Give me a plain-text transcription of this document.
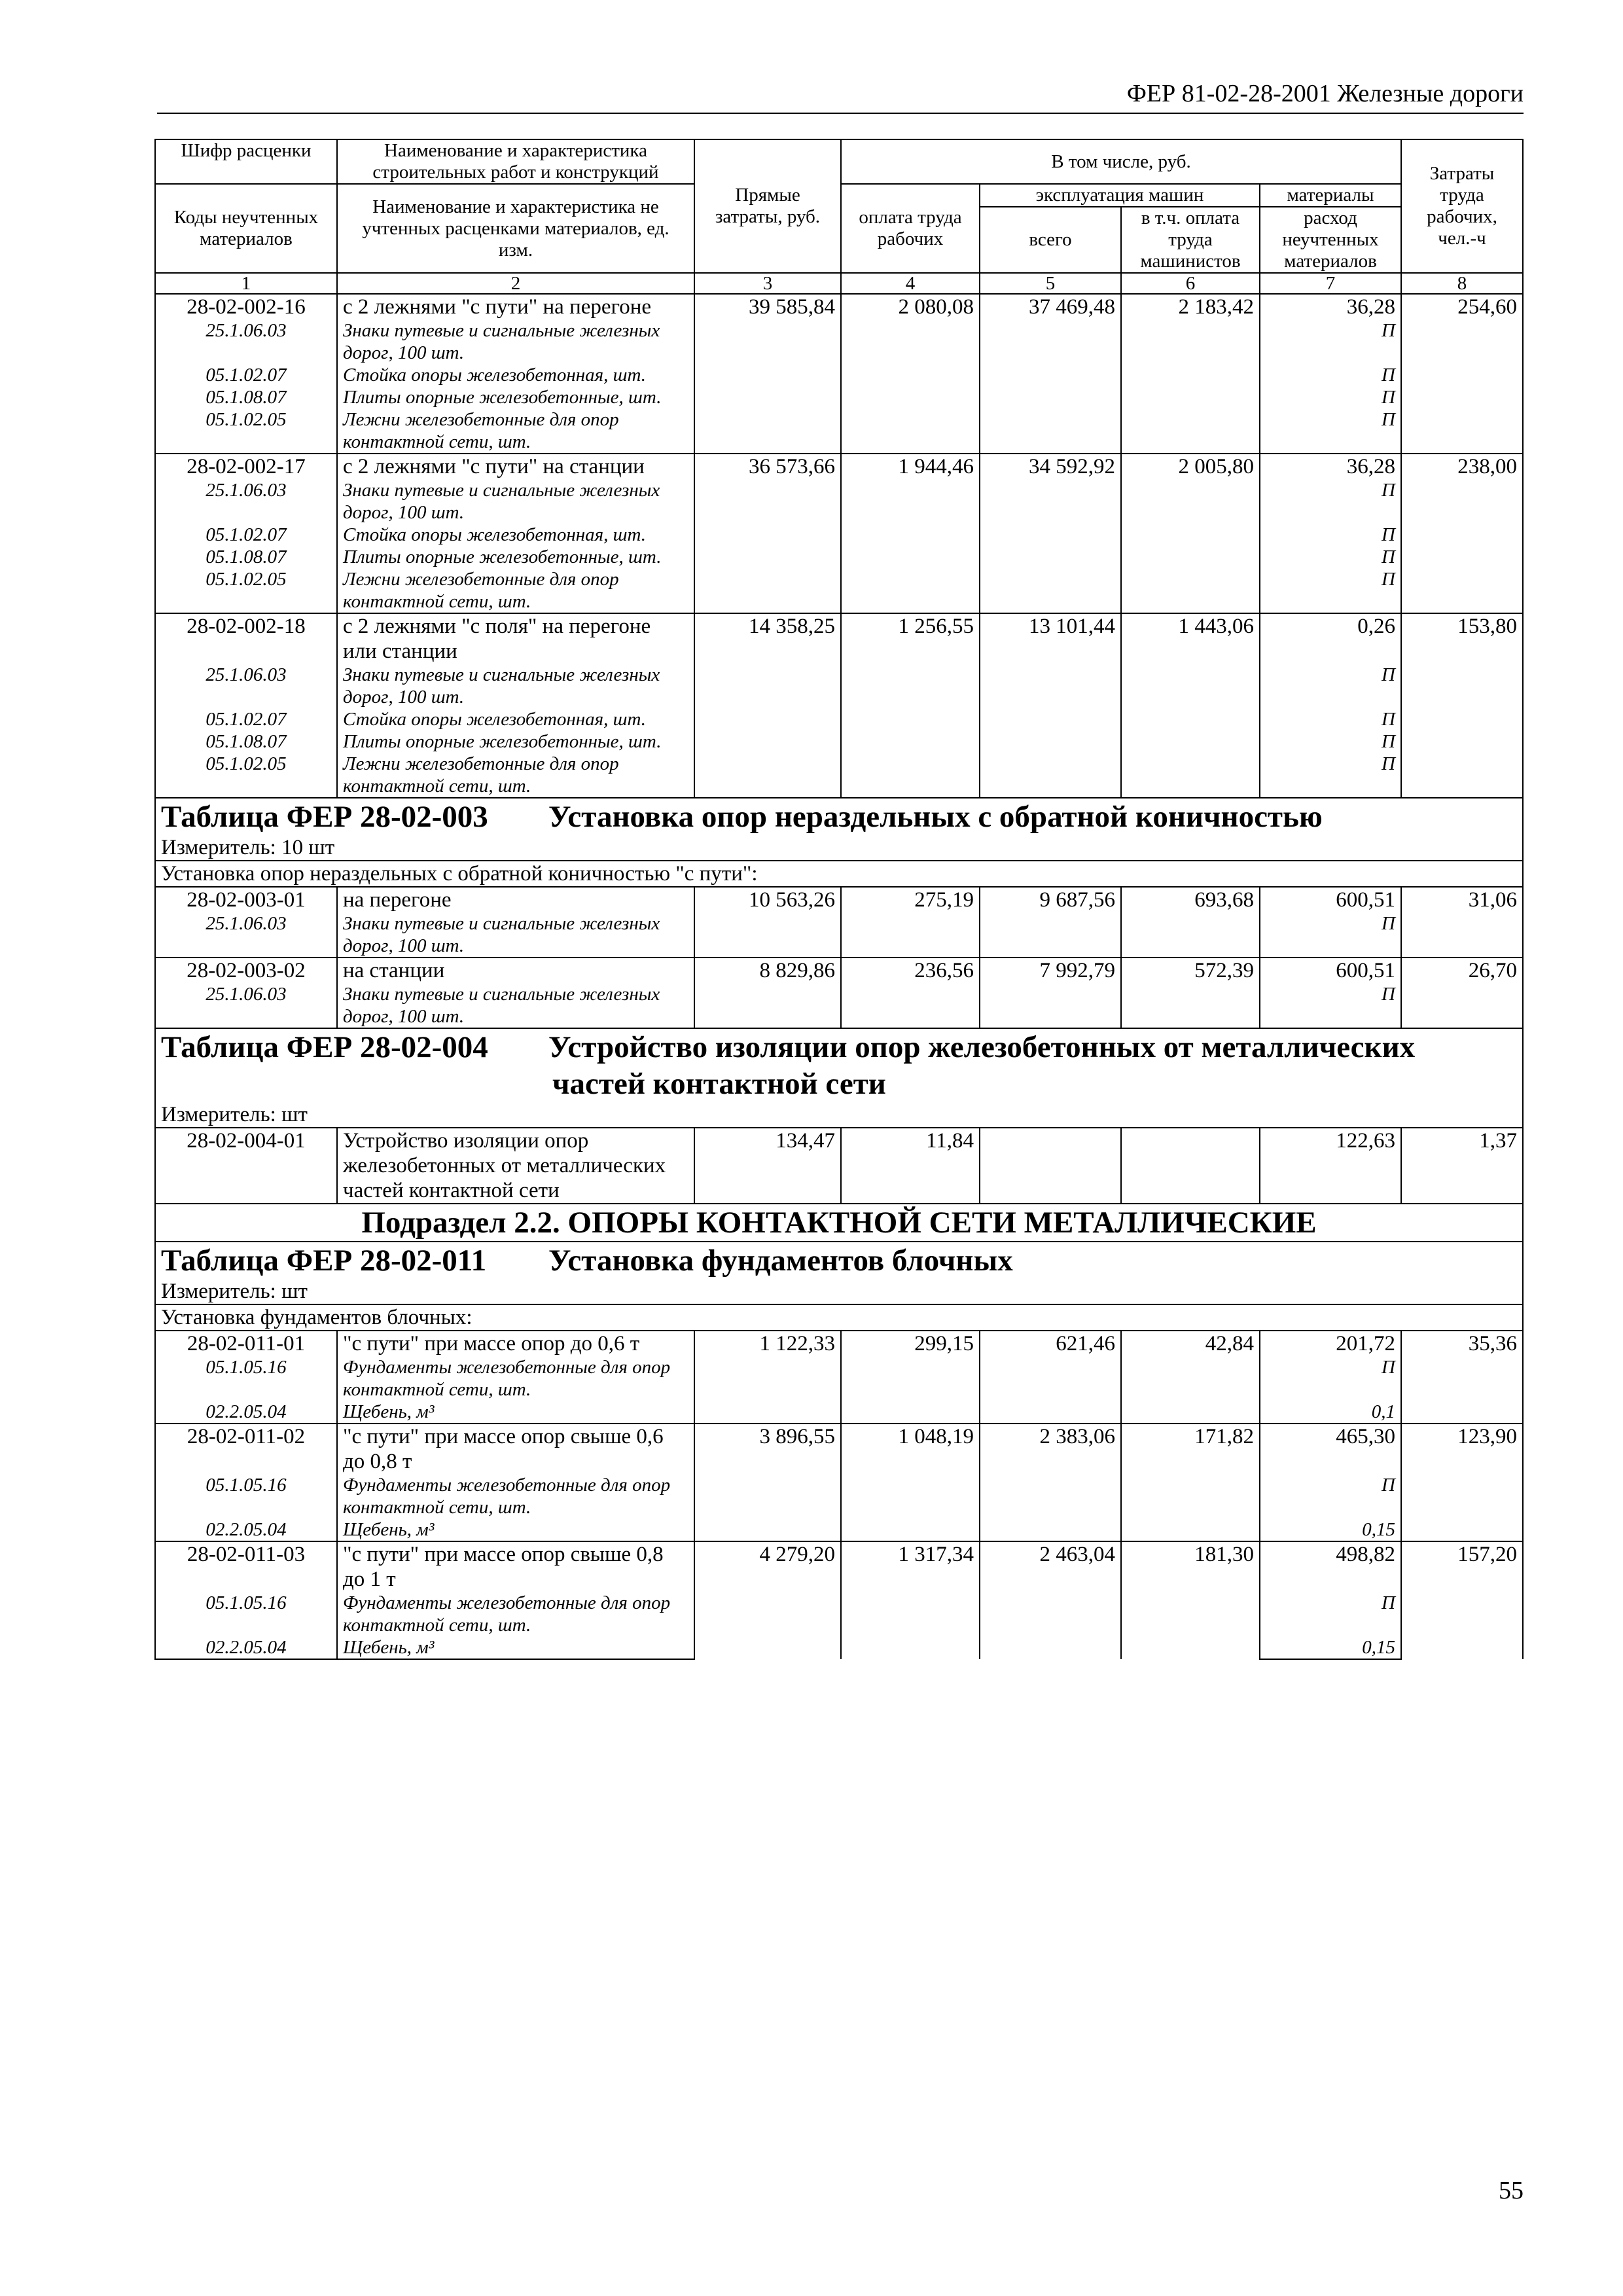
ФЕР 81-02-28-2001 Железные дороги
Шифр расценки	Наименование и характеристика строительных работ и конструкций	Прямые затраты, руб.	В том числе, руб.				Затраты труда рабочих, чел.-ч
Коды неучтенных материалов	Наименование и характеристика не учтенных расценками материалов, ед. изм.		оплата труда рабочих	эксплуатация машин		материалы	
				всего	в т.ч. оплата труда машинистов	расход неучтенных материалов	
1	2	3	4	5	6	7	8
28-02-002-16	с 2 лежнями "с пути" на перегоне	39 585,84	2 080,08	37 469,48	2 183,42	36,28	254,60
25.1.06.03	Знаки путевые и сигнальные железных дорог, 100 шт.					П	
05.1.02.07	Стойка опоры железобетонная, шт.					П	
05.1.08.07	Плиты опорные железобетонные, шт.					П	
05.1.02.05	Лежни железобетонные для опор контактной сети, шт.					П	
28-02-002-17	с 2 лежнями "с пути" на станции	36 573,66	1 944,46	34 592,92	2 005,80	36,28	238,00
25.1.06.03	Знаки путевые и сигнальные железных дорог, 100 шт.					П	
05.1.02.07	Стойка опоры железобетонная, шт.					П	
05.1.08.07	Плиты опорные железобетонные, шт.					П	
05.1.02.05	Лежни железобетонные для опор контактной сети, шт.					П	
28-02-002-18	с 2 лежнями "с поля" на перегоне или станции	14 358,25	1 256,55	13 101,44	1 443,06	0,26	153,80
25.1.06.03	Знаки путевые и сигнальные железных дорог, 100 шт.					П	
05.1.02.07	Стойка опоры железобетонная, шт.					П	
05.1.08.07	Плиты опорные железобетонные, шт.					П	
05.1.02.05	Лежни железобетонные для опор контактной сети, шт.					П	
Таблица ФЕР 28-02-003 Установка опор нераздельных с обратной коничностью							
Измеритель: 10 шт							
Установка опор нераздельных с обратной коничностью "с пути":							
28-02-003-01	на перегоне	10 563,26	275,19	9 687,56	693,68	600,51	31,06
25.1.06.03	Знаки путевые и сигнальные железных дорог, 100 шт.					П	
28-02-003-02	на станции	8 829,86	236,56	7 992,79	572,39	600,51	26,70
25.1.06.03	Знаки путевые и сигнальные железных дорог, 100 шт.					П	
Таблица ФЕР 28-02-004 Устройство изоляции опор железобетонных от металлических
частей контактной сети							

Измеритель: шт							
28-02-004-01	Устройство изоляции опор железобетонных от металлических частей контактной сети	134,47	11,84			122,63	1,37
Подраздел 2.2. ОПОРЫ КОНТАКТНОЙ СЕТИ МЕТАЛЛИЧЕСКИЕ							
Таблица ФЕР 28-02-011 Установка фундаментов блочных							
Измеритель: шт							
Установка фундаментов блочных:							
28-02-011-01	"с пути" при массе опор до 0,6 т	1 122,33	299,15	621,46	42,84	201,72	35,36
05.1.05.16	Фундаменты железобетонные для опор контактной сети, шт.					П	
02.2.05.04	Щебень, м³					0,1	
28-02-011-02	"с пути" при массе опор свыше 0,6 до 0,8 т	3 896,55	1 048,19	2 383,06	171,82	465,30	123,90
05.1.05.16	Фундаменты железобетонные для опор контактной сети, шт.					П	
02.2.05.04	Щебень, м³					0,15	
28-02-011-03	"с пути" при массе опор свыше 0,8 до 1 т	4 279,20	1 317,34	2 463,04	181,30	498,82	157,20
05.1.05.16	Фундаменты железобетонные для опор контактной сети, шт.					П	
02.2.05.04	Щебень, м³					0,15	
55
